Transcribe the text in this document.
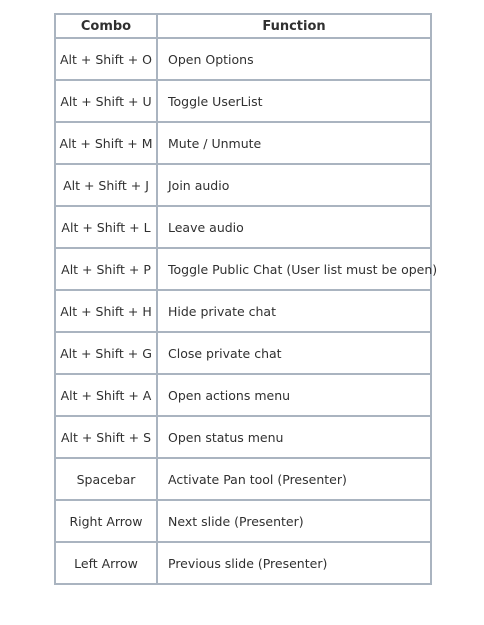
Combo	Function
Alt + Shift + O	Open Options
Alt + Shift + U	Toggle UserList
Alt + Shift + M	Mute / Unmute
Alt + Shift + J	Join audio
Alt + Shift + L	Leave audio
Alt + Shift + P	Toggle Public Chat (User list must be open)
Alt + Shift + H	Hide private chat
Alt + Shift + G	Close private chat
Alt + Shift + A	Open actions menu
Alt + Shift + S	Open status menu
Spacebar	Activate Pan tool (Presenter)
Right Arrow	Next slide (Presenter)
Left Arrow	Previous slide (Presenter)
